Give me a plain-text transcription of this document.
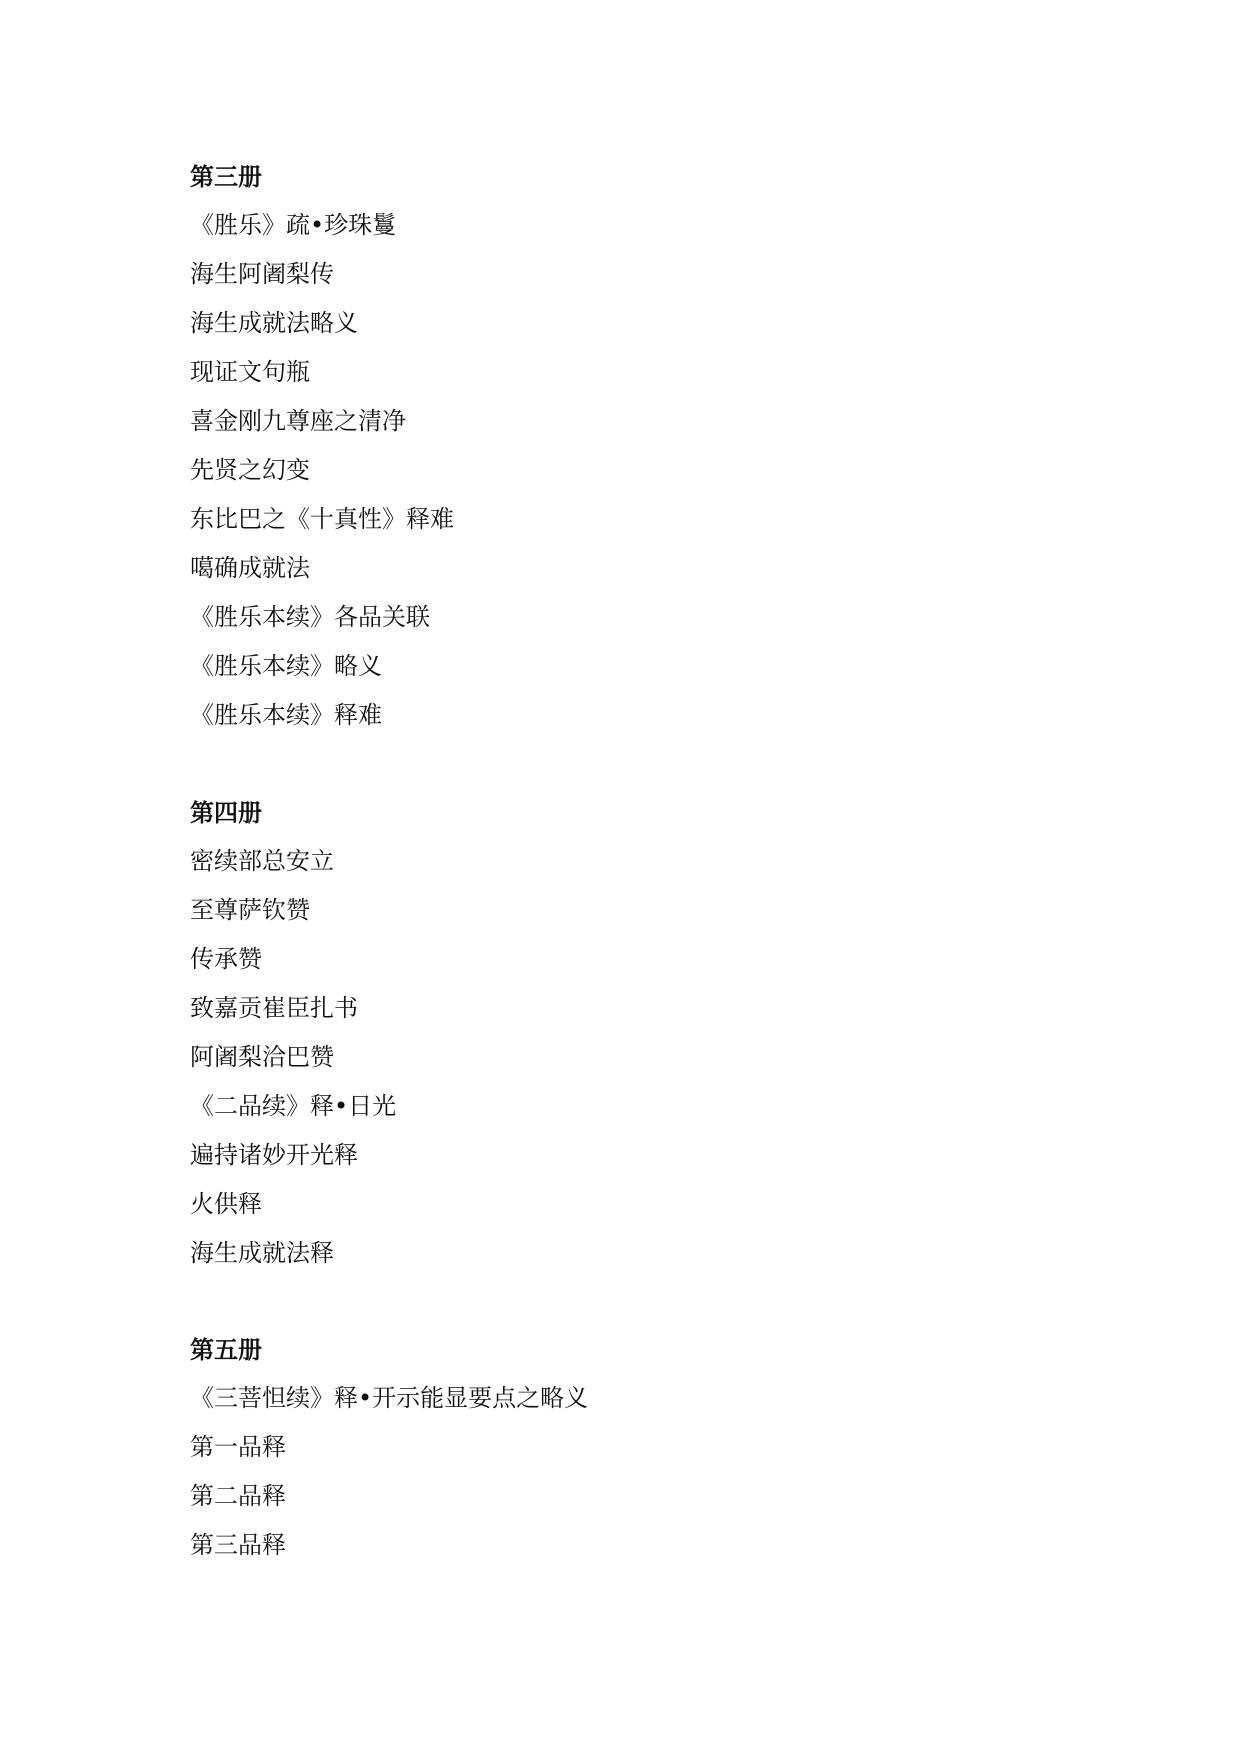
第三册
《胜乐》疏•珍珠鬘
海生阿阇梨传
海生成就法略义
现证文句瓶
喜金刚九尊座之清净
先贤之幻变
东比巴之《十真性》释难
噶确成就法
《胜乐本续》各品关联
《胜乐本续》略义
《胜乐本续》释难
第四册
密续部总安立
至尊萨钦赞
传承赞
致嘉贡崔臣扎书
阿阇梨洽巴赞
《二品续》释•日光
遍持诸妙开光释
火供释
海生成就法释
第五册
《三菩怛续》释•开示能显要点之略义
第一品释
第二品释
第三品释
